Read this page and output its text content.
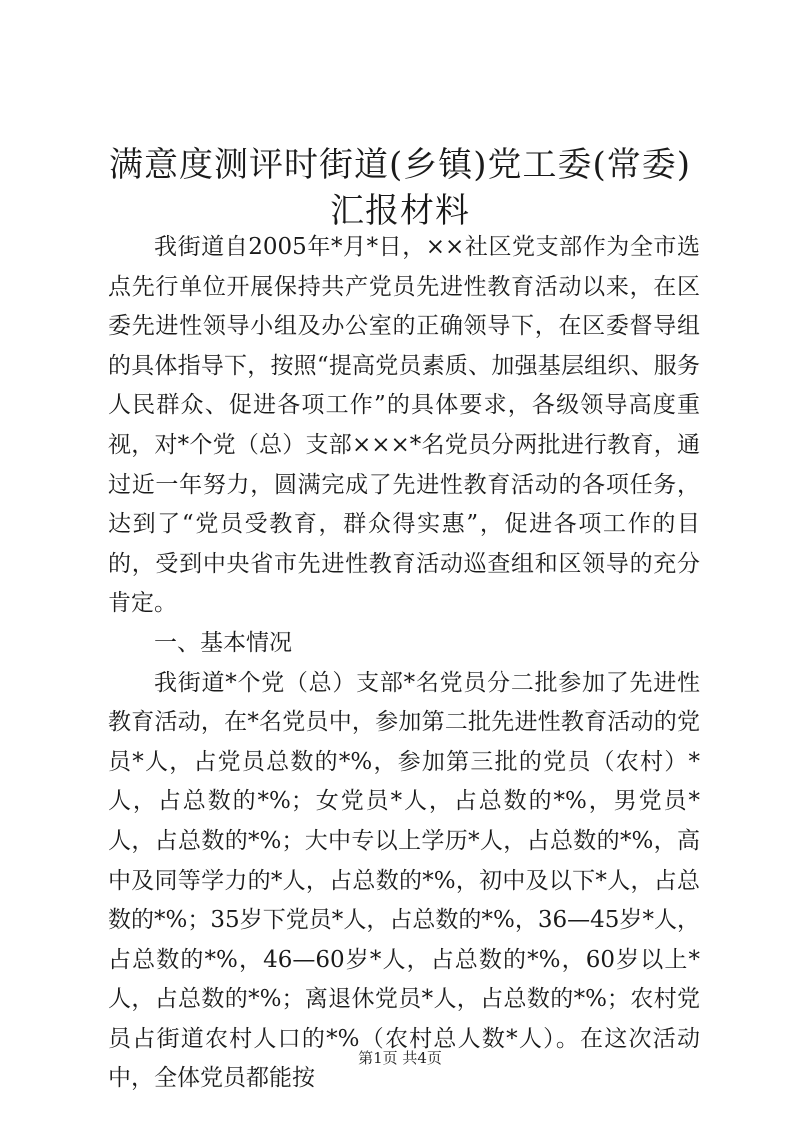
满意度测评时街道(乡镇)党工委(常委)汇报材料

我街道自2005年*月*日，××社区党支部作为全市选点先行单位开展保持共产党员先进性教育活动以来，在区委先进性领导小组及办公室的正确领导下，在区委督导组的具体指导下，按照“提高党员素质、加强基层组织、服务人民群众、促进各项工作”的具体要求，各级领导高度重视，对*个党（总）支部×××*名党员分两批进行教育，通过近一年努力，圆满完成了先进性教育活动的各项任务，达到了“党员受教育，群众得实惠”，促进各项工作的目的，受到中央省市先进性教育活动巡查组和区领导的充分肯定。

一、基本情况

我街道*个党（总）支部*名党员分二批参加了先进性教育活动，在*名党员中，参加第二批先进性教育活动的党员*人，占党员总数的*%，参加第三批的党员（农村）*人，占总数的*%；女党员*人，占总数的*%，男党员*人，占总数的*%；大中专以上学历*人，占总数的*%，高中及同等学力的*人，占总数的*%，初中及以下*人，占总数的*%；35岁下党员*人，占总数的*%，36—45岁*人，占总数的*%，46—60岁*人，占总数的*%，60岁以上*人，占总数的*%；离退休党员*人，占总数的*%；农村党员占街道农村人口的*%（农村总人数*人）。在这次活动中，全体党员都能按

第1页 共4页
